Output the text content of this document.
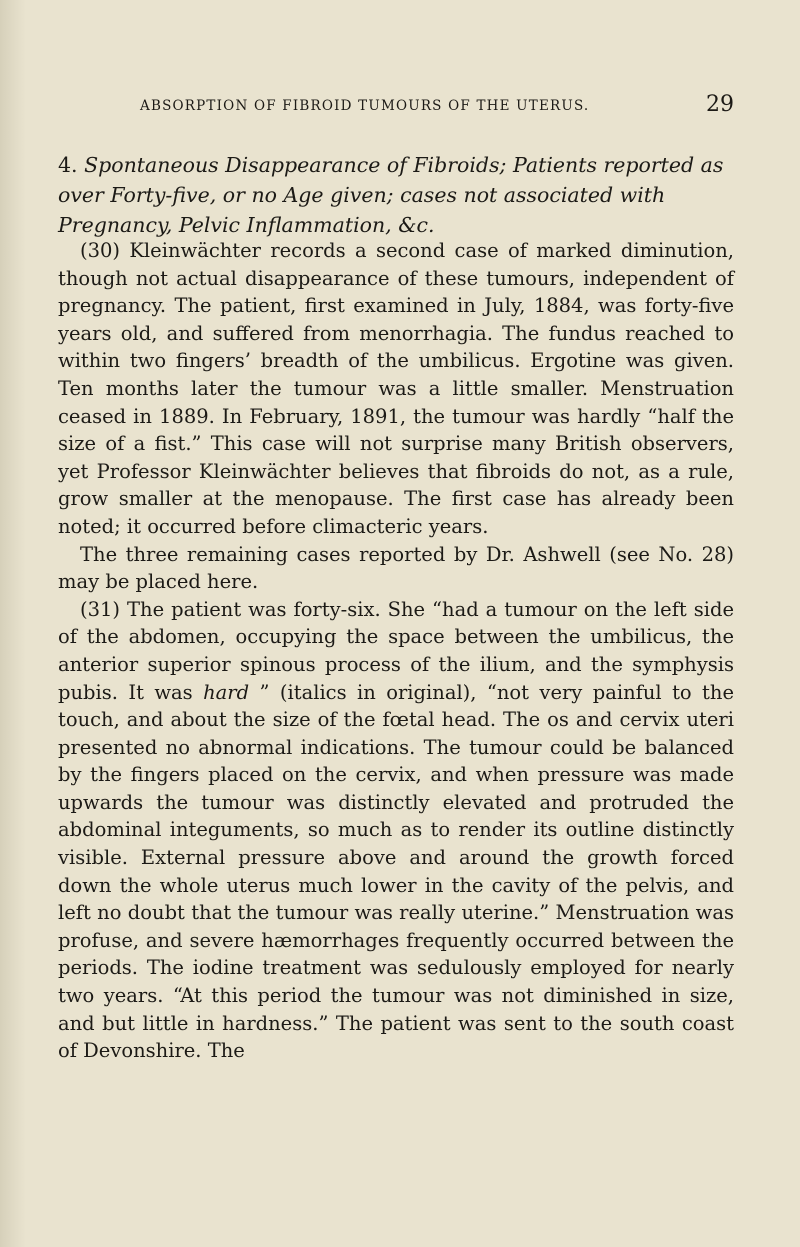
ABSORPTION OF FIBROID TUMOURS OF THE UTERUS.	29
4. Spontaneous Disappearance of Fibroids; Patients reported as over Forty-five, or no Age given; cases not associated with Pregnancy, Pelvic Inflammation, &c.

(30) Kleinwächter records a second case of marked diminution, though not actual disappearance of these tumours, independent of pregnancy. The patient, first examined in July, 1884, was forty-five years old, and suffered from menorrhagia. The fundus reached to within two fingers’ breadth of the umbilicus. Ergotine was given. Ten months later the tumour was a little smaller. Menstruation ceased in 1889. In February, 1891, the tumour was hardly “half the size of a fist.” This case will not surprise many British observers, yet Professor Kleinwächter believes that fibroids do not, as a rule, grow smaller at the menopause. The first case has already been noted; it occurred before climacteric years.

The three remaining cases reported by Dr. Ashwell (see No. 28) may be placed here.

(31) The patient was forty-six. She “had a tumour on the left side of the abdomen, occupying the space between the umbilicus, the anterior superior spinous process of the ilium, and the symphysis pubis. It was hard ” (italics in original), “not very painful to the touch, and about the size of the fœtal head. The os and cervix uteri presented no abnormal indications. The tumour could be balanced by the fingers placed on the cervix, and when pressure was made upwards the tumour was distinctly elevated and protruded the abdominal integuments, so much as to render its outline distinctly visible. External pressure above and around the growth forced down the whole uterus much lower in the cavity of the pelvis, and left no doubt that the tumour was really uterine.” Menstruation was profuse, and severe hæmorrhages frequently occurred between the periods. The iodine treatment was sedulously employed for nearly two years. “At this period the tumour was not diminished in size, and but little in hardness.” The patient was sent to the south coast of Devonshire. The
